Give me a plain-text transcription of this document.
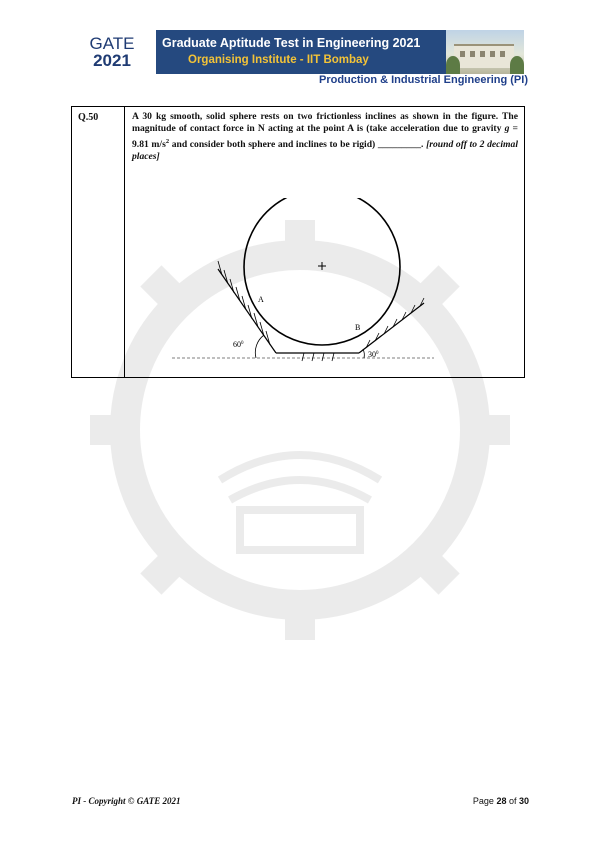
GATE
2021
Graduate Aptitude Test in Engineering 2021
Organising Institute - IIT Bombay
Production & Industrial Engineering (PI)
Q.50	A 30 kg smooth, solid sphere rests on two frictionless inclines as shown in the figure. The magnitude of contact force in N acting at the point A is (take acceleration due to gravity g = 9.81 $m/s^2$ and consider both sphere and inclines to be rigid) _________. [round off to 2 decimal places]
A
B
$60^0$
$30^0$
PI - Copyright © GATE 2021	Page 28 of 30
